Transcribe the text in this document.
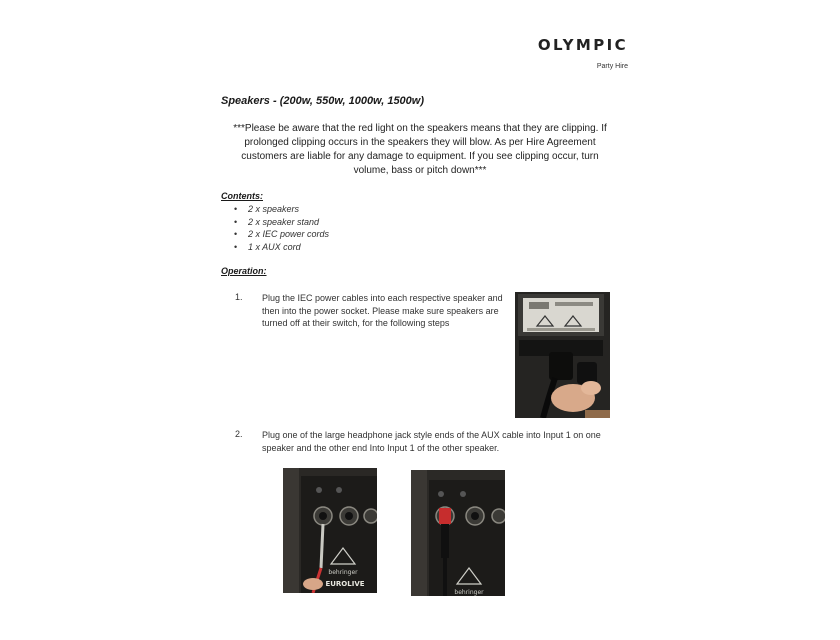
OLYMPIC
Party Hire
Speakers - (200w, 550w, 1000w, 1500w)
***Please be aware that the red light on the speakers means that they are clipping. If prolonged clipping occurs in the speakers they will blow. As per Hire Agreement customers are liable for any damage to equipment. If you see clipping occur, turn volume, bass or pitch down***
Contents:
• 2 x speakers
• 2 x speaker stand
• 2 x IEC power cords
• 1 x AUX cord
Operation:
1. Plug the IEC power cables into each respective speaker and then into the power socket. Please make sure speakers are turned off at their switch, for the following steps
2. Plug one of the large headphone jack style ends of the AUX cable into Input 1 on one speaker and the other end Into Input 1 of the other speaker.
behringer
EUROLIVE
behringer
